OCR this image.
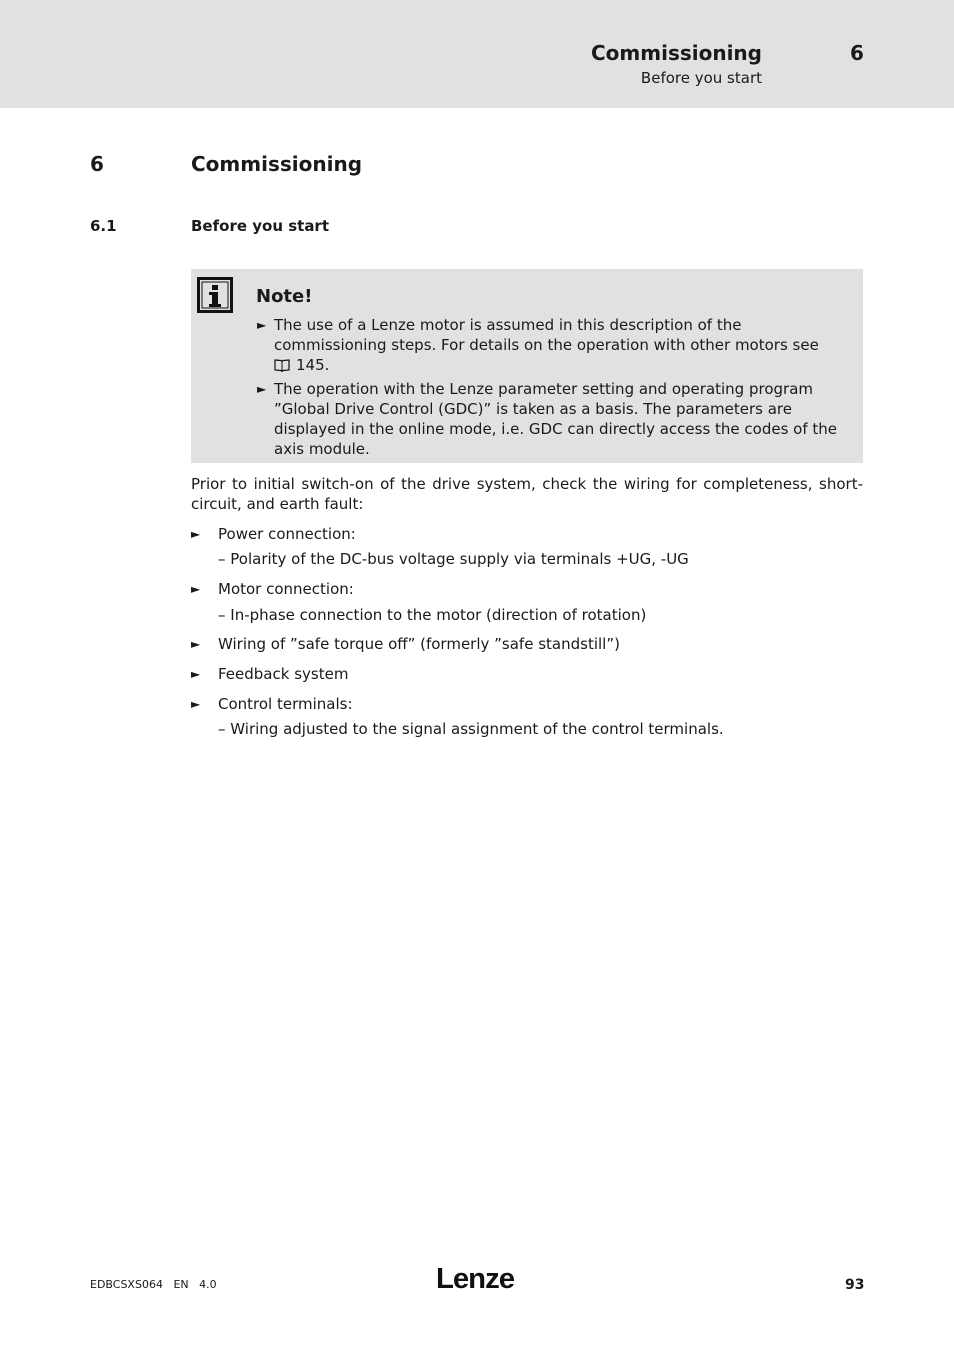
Commissioning
Before you start
6
6	Commissioning
6.1	Before you start
Note!
► The use of a Lenze motor is assumed in this description of the
commissioning steps. For details on the operation with other motors see
145.
► The operation with the Lenze parameter setting and operating program
”Global Drive Control (GDC)” is taken as a basis. The parameters are
displayed in the online mode, i.e. GDC can directly access the codes of the
axis module.
Prior to initial switch-on of the drive system, check the wiring for completeness, short-circuit, and earth fault:
► Power connection:
– Polarity of the DC-bus voltage supply via terminals +UG, -UG
► Motor connection:
– In-phase connection to the motor (direction of rotation)
► Wiring of ”safe torque off” (formerly ”safe standstill”)
► Feedback system
► Control terminals:
– Wiring adjusted to the signal assignment of the control terminals.
EDBCSXS064 EN 4.0	Lenze	93
